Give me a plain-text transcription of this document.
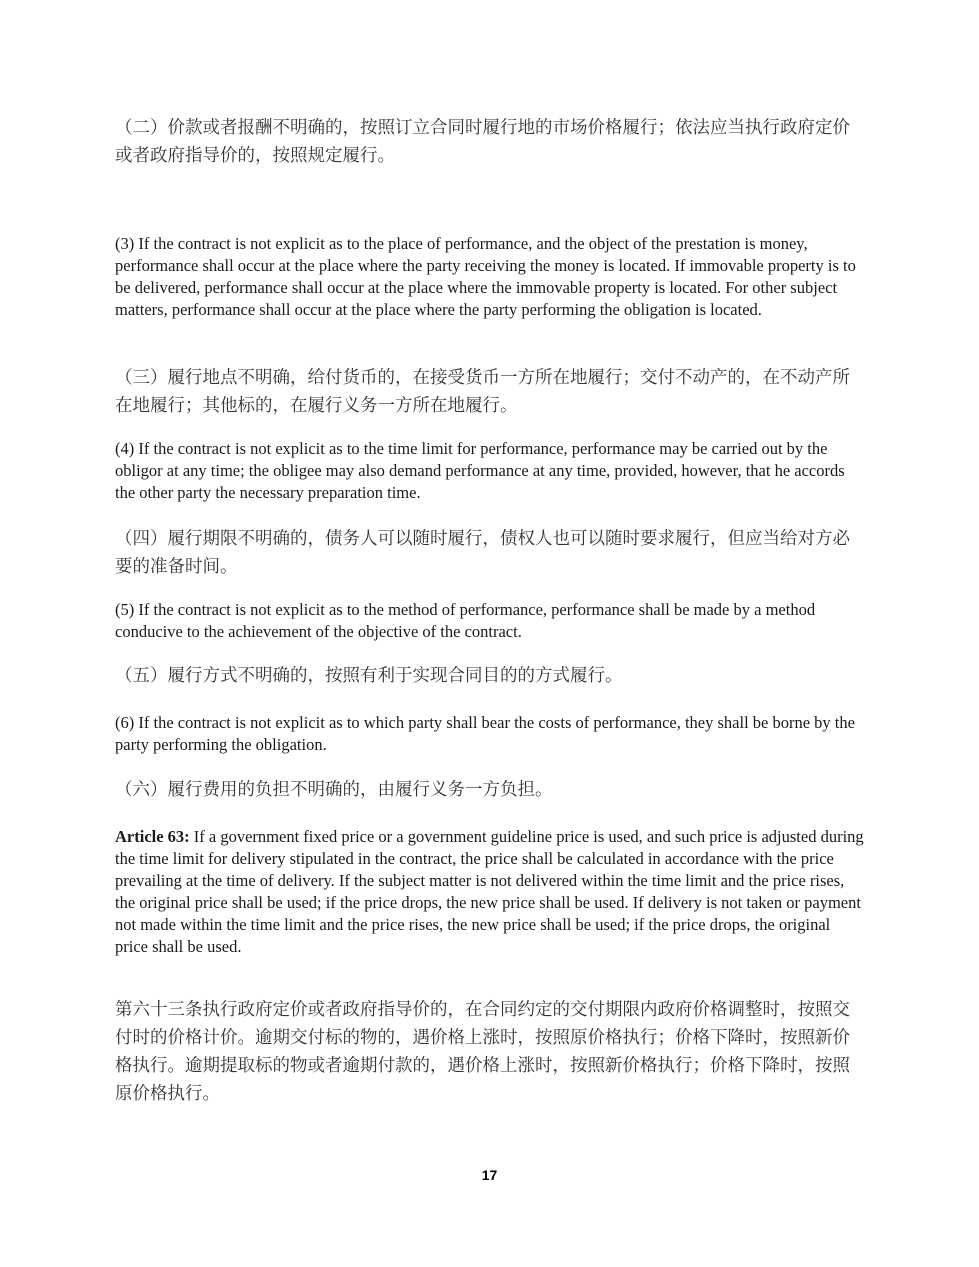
（二）价款或者报酬不明确的，按照订立合同时履行地的市场价格履行；依法应当执行政府定价或者政府指导价的，按照规定履行。

(3) If the contract is not explicit as to the place of performance, and the object of the prestation is money, performance shall occur at the place where the party receiving the money is located. If immovable property is to be delivered, performance shall occur at the place where the immovable property is located. For other subject matters, performance shall occur at the place where the party performing the obligation is located.

（三）履行地点不明确，给付货币的，在接受货币一方所在地履行；交付不动产的，在不动产所在地履行；其他标的，在履行义务一方所在地履行。

(4) If the contract is not explicit as to the time limit for performance, performance may be carried out by the obligor at any time; the obligee may also demand performance at any time, provided, however, that he accords the other party the necessary preparation time.

（四）履行期限不明确的，债务人可以随时履行，债权人也可以随时要求履行，但应当给对方必要的准备时间。

(5) If the contract is not explicit as to the method of performance, performance shall be made by a method conducive to the achievement of the objective of the contract.

（五）履行方式不明确的，按照有利于实现合同目的的方式履行。

(6) If the contract is not explicit as to which party shall bear the costs of performance, they shall be borne by the party performing the obligation.

（六）履行费用的负担不明确的，由履行义务一方负担。

Article 63: If a government fixed price or a government guideline price is used, and such price is adjusted during the time limit for delivery stipulated in the contract, the price shall be calculated in accordance with the price prevailing at the time of delivery. If the subject matter is not delivered within the time limit and the price rises, the original price shall be used; if the price drops, the new price shall be used. If delivery is not taken or payment not made within the time limit and the price rises, the new price shall be used; if the price drops, the original price shall be used.

第六十三条执行政府定价或者政府指导价的，在合同约定的交付期限内政府价格调整时，按照交付时的价格计价。逾期交付标的物的，遇价格上涨时，按照原价格执行；价格下降时，按照新价格执行。逾期提取标的物或者逾期付款的，遇价格上涨时，按照新价格执行；价格下降时，按照原价格执行。

17
